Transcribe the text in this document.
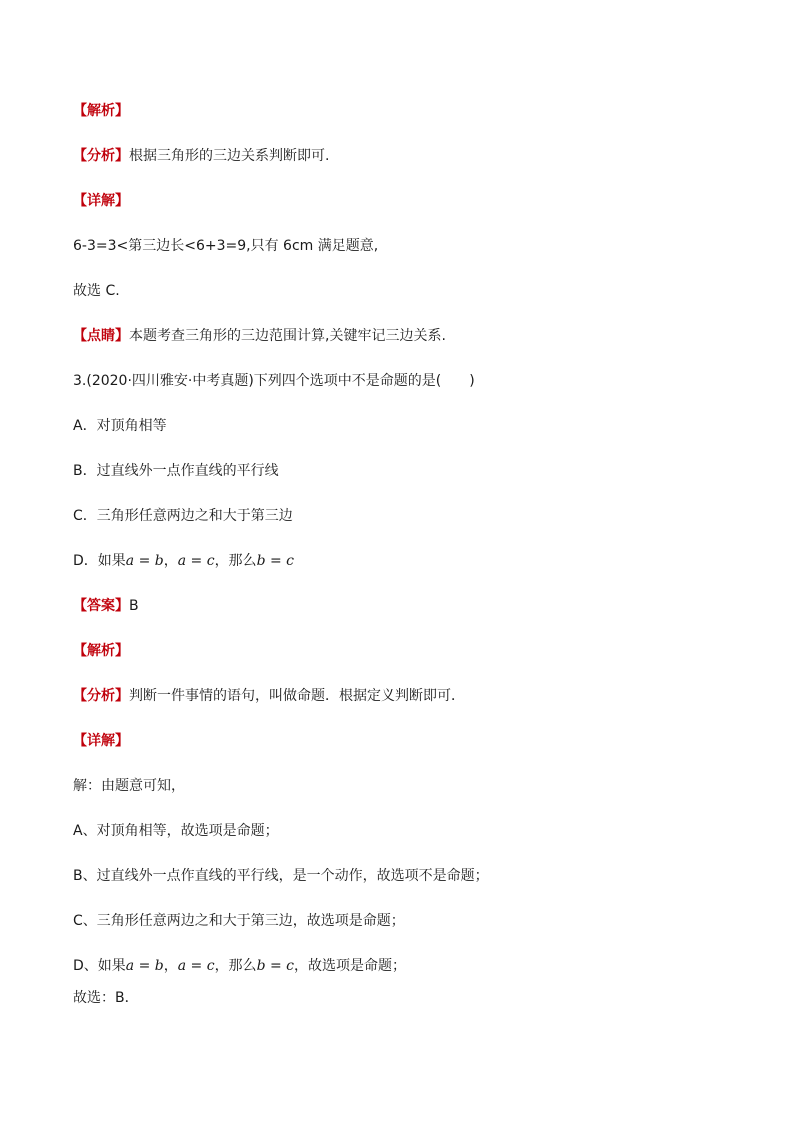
【解析】
【分析】根据三角形的三边关系判断即可.
【详解】
6-3=3<第三边长<6+3=9,只有 6cm 满足题意,
故选 C.
【点睛】本题考查三角形的三边范围计算,关键牢记三边关系.
3.(2020·四川雅安·中考真题)下列四个选项中不是命题的是(　　)
A．对顶角相等
B．过直线外一点作直线的平行线
C．三角形任意两边之和大于第三边
D．如果a = b，a = c，那么b = c
【答案】B
【解析】
【分析】判断一件事情的语句，叫做命题．根据定义判断即可．
【详解】
解：由题意可知，
A、对顶角相等，故选项是命题；
B、过直线外一点作直线的平行线，是一个动作，故选项不是命题；
C、三角形任意两边之和大于第三边，故选项是命题；
D、如果a = b，a = c，那么b = c，故选项是命题；
故选：B．
